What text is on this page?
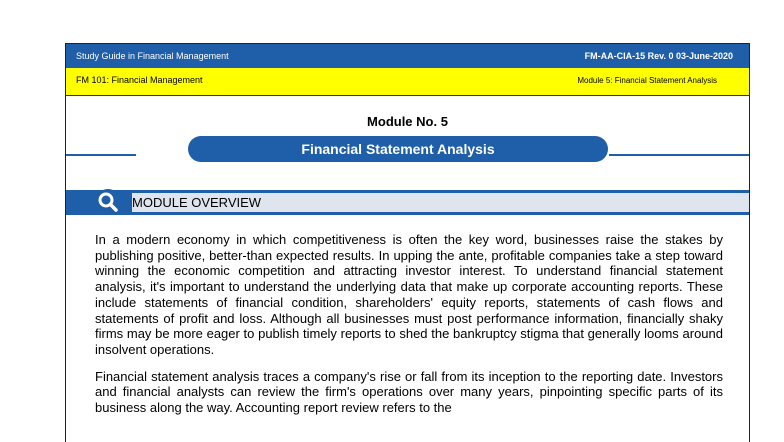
Study Guide in Financial Management	FM-AA-CIA-15 Rev. 0 03-June-2020
FM 101: Financial Management	Module 5: Financial Statement Analysis
Module No. 5
Financial Statement Analysis
MODULE OVERVIEW

In a modern economy in which competitiveness is often the key word, businesses raise the stakes by publishing positive, better-than expected results. In upping the ante, profitable companies take a step toward winning the economic competition and attracting investor interest. To understand financial statement analysis, it's important to understand the underlying data that make up corporate accounting reports. These include statements of financial condition, shareholders' equity reports, statements of cash flows and statements of profit and loss. Although all businesses must post performance information, financially shaky firms may be more eager to publish timely reports to shed the bankruptcy stigma that generally looms around insolvent operations.

Financial statement analysis traces a company's rise or fall from its inception to the reporting date. Investors and financial analysts can review the firm's operations over many years, pinpointing specific parts of its business along the way. Accounting report review refers to the
